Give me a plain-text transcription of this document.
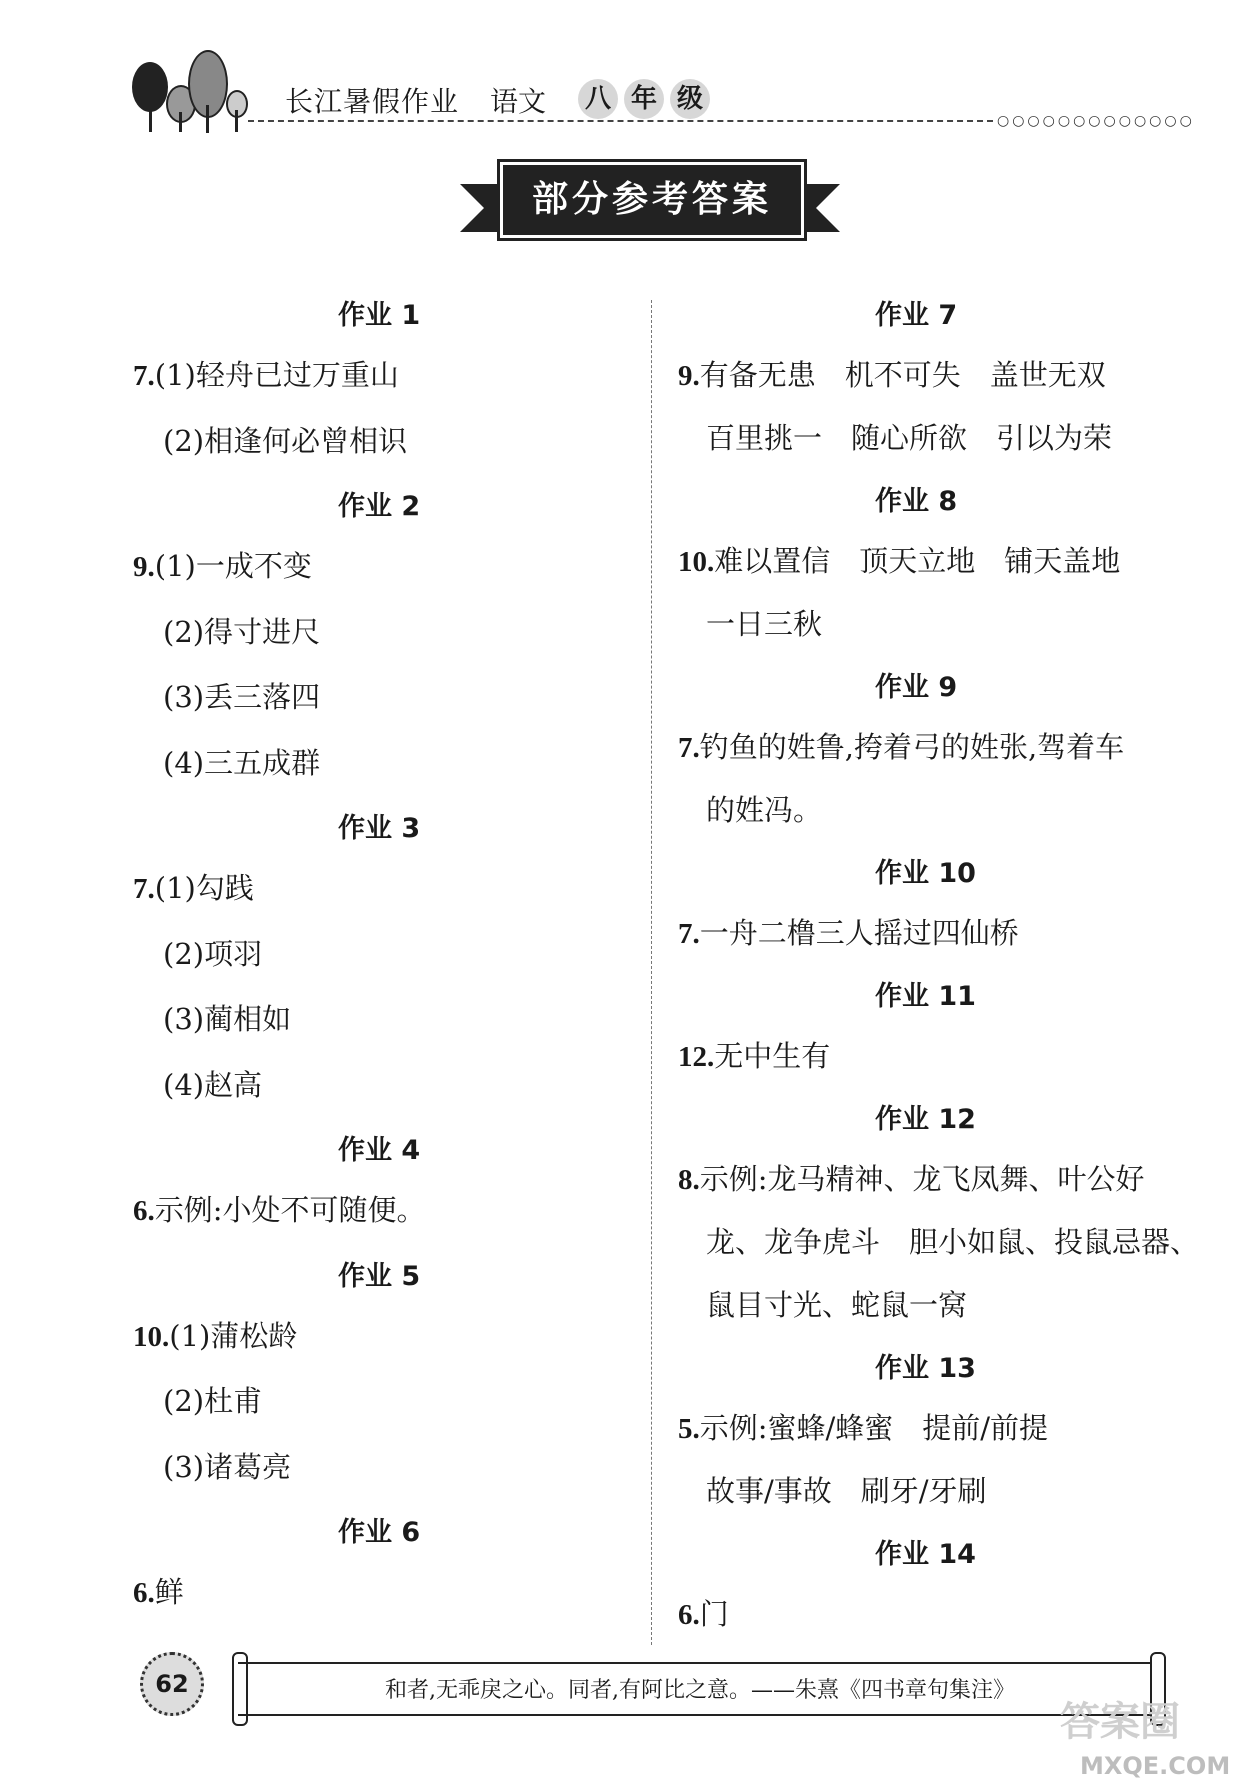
长江暑假作业 语文 八 年 级
○○○○○○○○○○○○○
部分参考答案
作业 1
7.(1)轻舟已过万重山
(2)相逢何必曾相识
作业 2
9.(1)一成不变
(2)得寸进尺
(3)丢三落四
(4)三五成群
作业 3
7.(1)勾践
(2)项羽
(3)蔺相如
(4)赵高
作业 4
6.示例:小处不可随便。
作业 5
10.(1)蒲松龄
(2)杜甫
(3)诸葛亮
作业 6
6.鲜
作业 7
9.有备无患　机不可失　盖世无双
百里挑一　随心所欲　引以为荣
作业 8
10.难以置信　顶天立地　铺天盖地
一日三秋
作业 9
7.钓鱼的姓鲁,挎着弓的姓张,驾着车
的姓冯。
作业 10
7.一舟二橹三人摇过四仙桥
作业 11
12.无中生有
作业 12
8.示例:龙马精神、龙飞凤舞、叶公好
龙、龙争虎斗　胆小如鼠、投鼠忌器、
鼠目寸光、蛇鼠一窝
作业 13
5.示例:蜜蜂/蜂蜜　提前/前提
故事/事故　刷牙/牙刷
作业 14
6.门
62	和者,无乖戾之心。同者,有阿比之意。——朱熹《四书章句集注》
答案圈
MXQE.COM
